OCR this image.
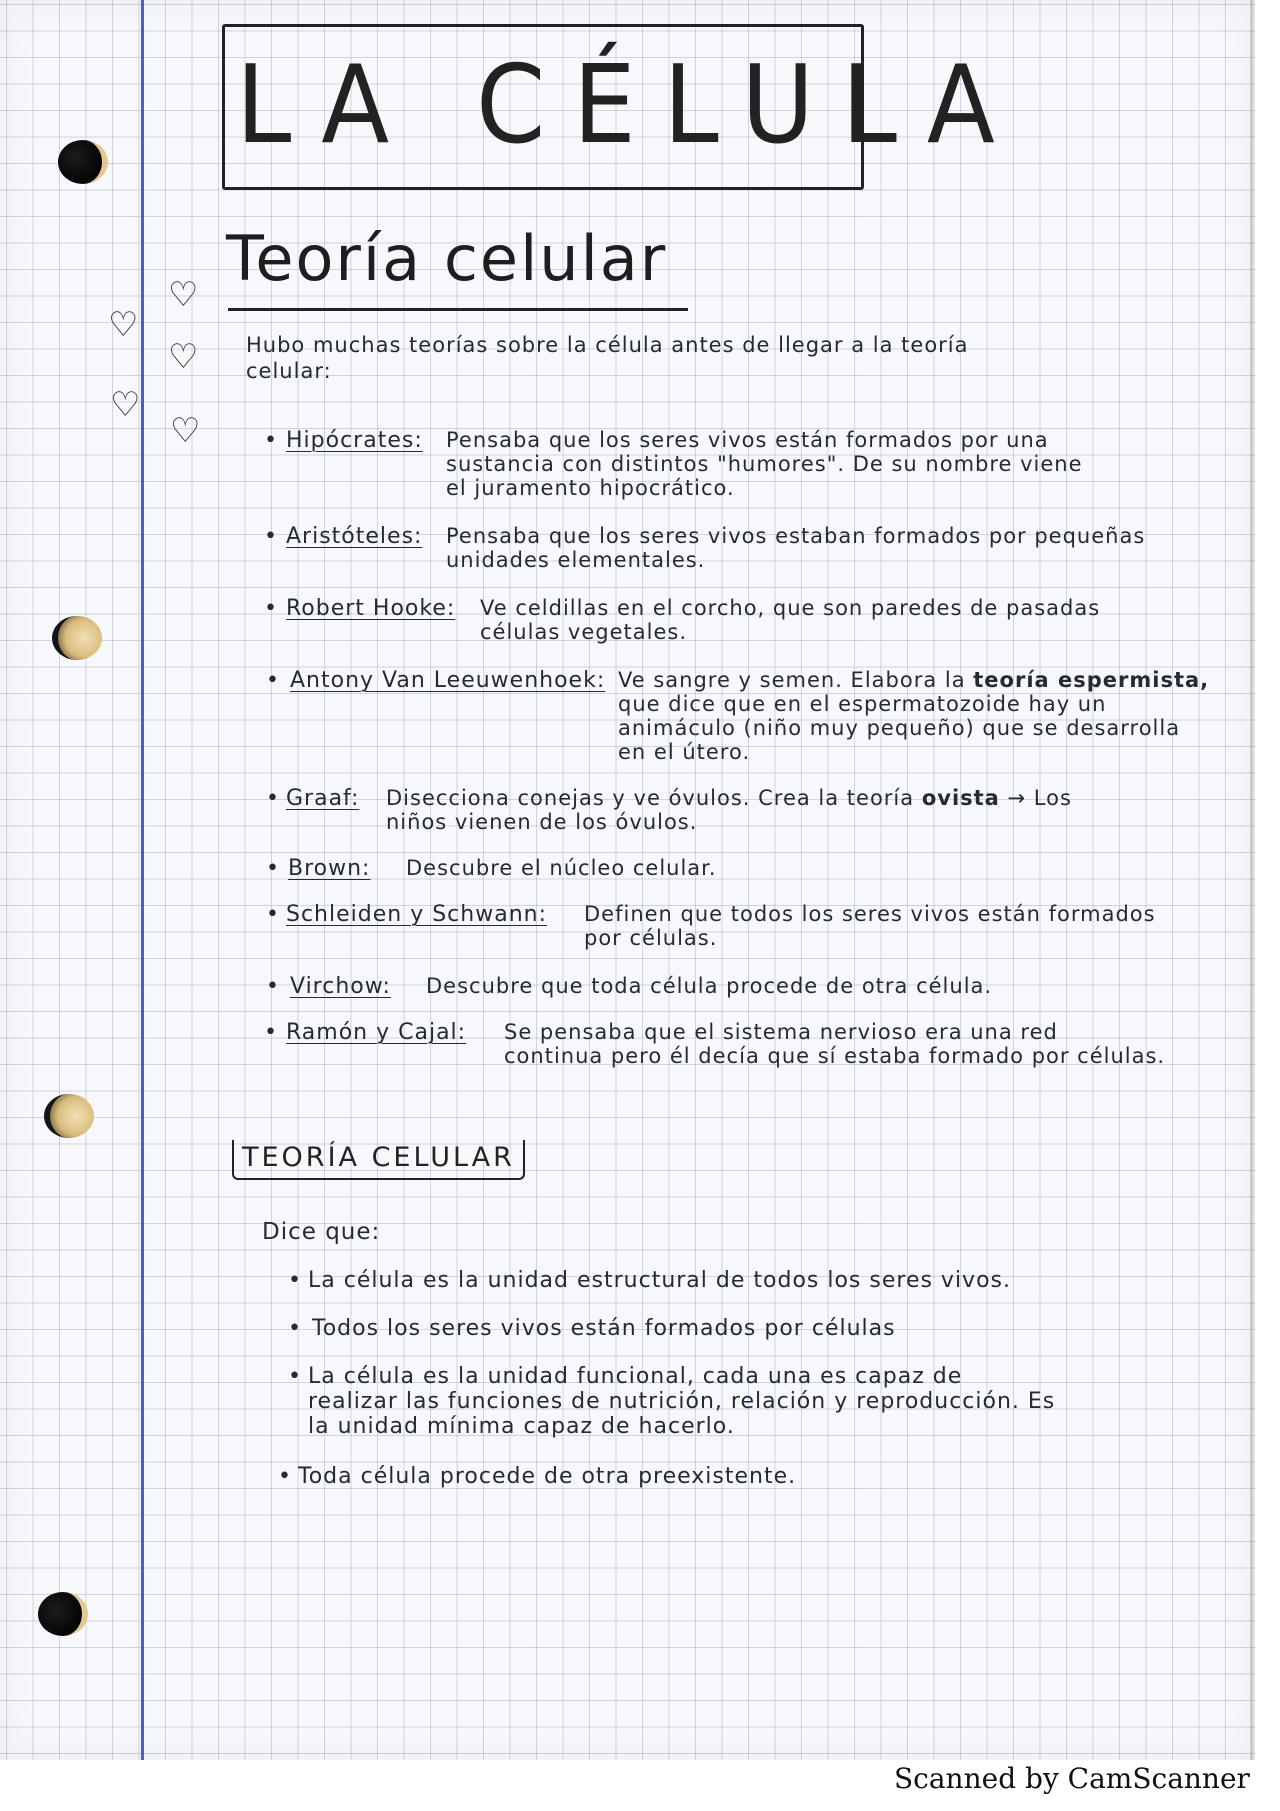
♡
♡
♡
♡
♡
LA CÉLULA
Teoría celular
Hubo muchas teorías sobre la célula antes de llegar a la teoría
celular:
• Hipócrates: Pensaba que los seres vivos están formados por una
sustancia con distintos "humores". De su nombre viene
el juramento hipocrático.
• Aristóteles: Pensaba que los seres vivos estaban formados por pequeñas
unidades elementales.
• Robert Hooke: Ve celdillas en el corcho, que son paredes de pasadas
células vegetales.
• Antony Van Leeuwenhoek: Ve sangre y semen. Elabora la teoría espermista,
que dice que en el espermatozoide hay un
animáculo (niño muy pequeño) que se desarrolla
en el útero.
• Graaf: Disecciona conejas y ve óvulos. Crea la teoría ovista → Los
niños vienen de los óvulos.
• Brown: Descubre el núcleo celular.
• Schleiden y Schwann: Definen que todos los seres vivos están formados
por células.
• Virchow: Descubre que toda célula procede de otra célula.
• Ramón y Cajal: Se pensaba que el sistema nervioso era una red
continua pero él decía que sí estaba formado por células.
TEORÍA CELULAR
Dice que:
• La célula es la unidad estructural de todos los seres vivos.
• Todos los seres vivos están formados por células
• La célula es la unidad funcional, cada una es capaz de
realizar las funciones de nutrición, relación y reproducción. Es
la unidad mínima capaz de hacerlo.
• Toda célula procede de otra preexistente.
Scanned by CamScanner
